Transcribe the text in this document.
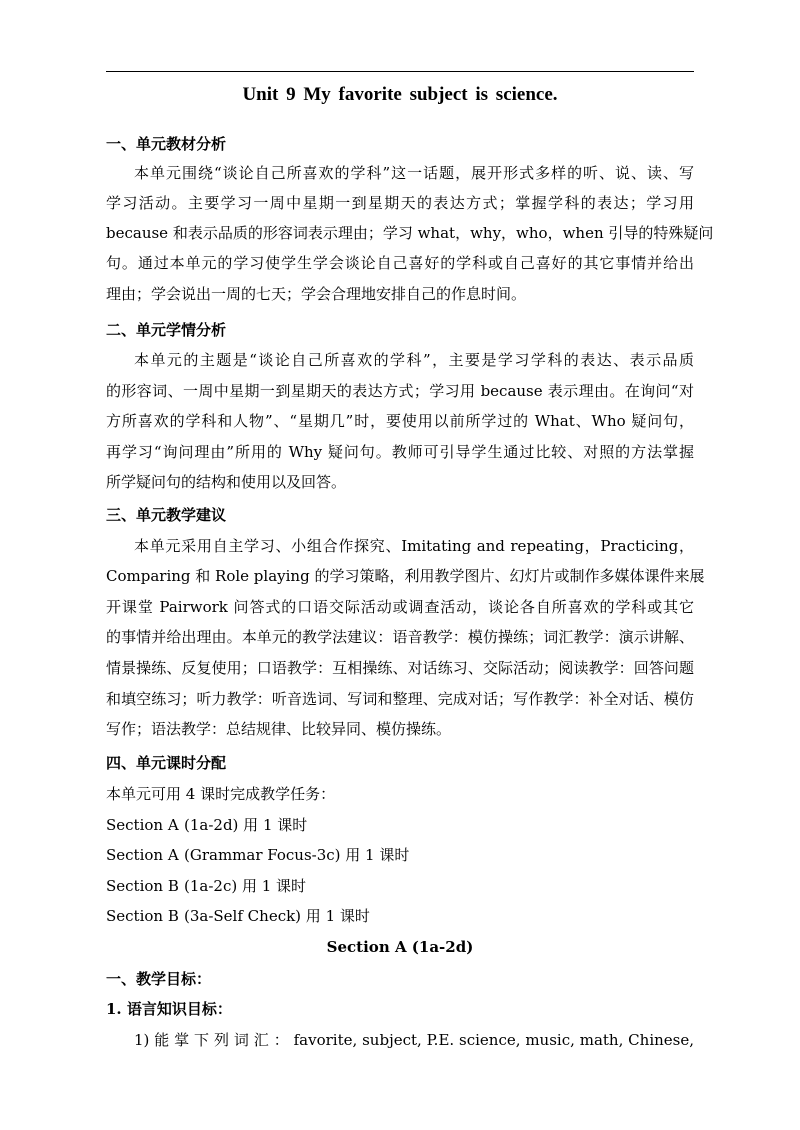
Unit 9 My favorite subject is science.
一、单元教材分析
本单元围绕“谈论自己所喜欢的学科”这一话题，展开形式多样的听、说、读、写
学习活动。主要学习一周中星期一到星期天的表达方式；掌握学科的表达；学习用
because 和表示品质的形容词表示理由；学习 what，why，who，when 引导的特殊疑问
句。通过本单元的学习使学生学会谈论自己喜好的学科或自己喜好的其它事情并给出
理由；学会说出一周的七天；学会合理地安排自己的作息时间。
二、单元学情分析
本单元的主题是“谈论自己所喜欢的学科”，主要是学习学科的表达、表示品质
的形容词、一周中星期一到星期天的表达方式；学习用 because 表示理由。在询问“对
方所喜欢的学科和人物”、“星期几”时，要使用以前所学过的 What、Who 疑问句，
再学习“询问理由”所用的 Why 疑问句。教师可引导学生通过比较、对照的方法掌握
所学疑问句的结构和使用以及回答。
三、单元教学建议
本单元采用自主学习、小组合作探究、Imitating and repeating，Practicing，
Comparing 和 Role playing 的学习策略，利用教学图片、幻灯片或制作多媒体课件来展
开课堂 Pairwork 问答式的口语交际活动或调查活动，谈论各自所喜欢的学科或其它
的事情并给出理由。本单元的教学法建议：语音教学：模仿操练；词汇教学：演示讲解、
情景操练、反复使用；口语教学：互相操练、对话练习、交际活动；阅读教学：回答问题
和填空练习；听力教学：听音选词、写词和整理、完成对话；写作教学：补全对话、模仿
写作；语法教学：总结规律、比较异同、模仿操练。
四、单元课时分配
本单元可用 4 课时完成教学任务：
Section A (1a-2d) 用 1 课时
Section A (Grammar Focus-3c) 用 1 课时
Section B (1a-2c) 用 1 课时
Section B (3a-Self Check) 用 1 课时
Section A (1a-2d)
一、教学目标：
1. 语言知识目标：
1) 能 掌 下 列 词 汇 ： favorite, subject, P.E. science, music, math, Chinese,
